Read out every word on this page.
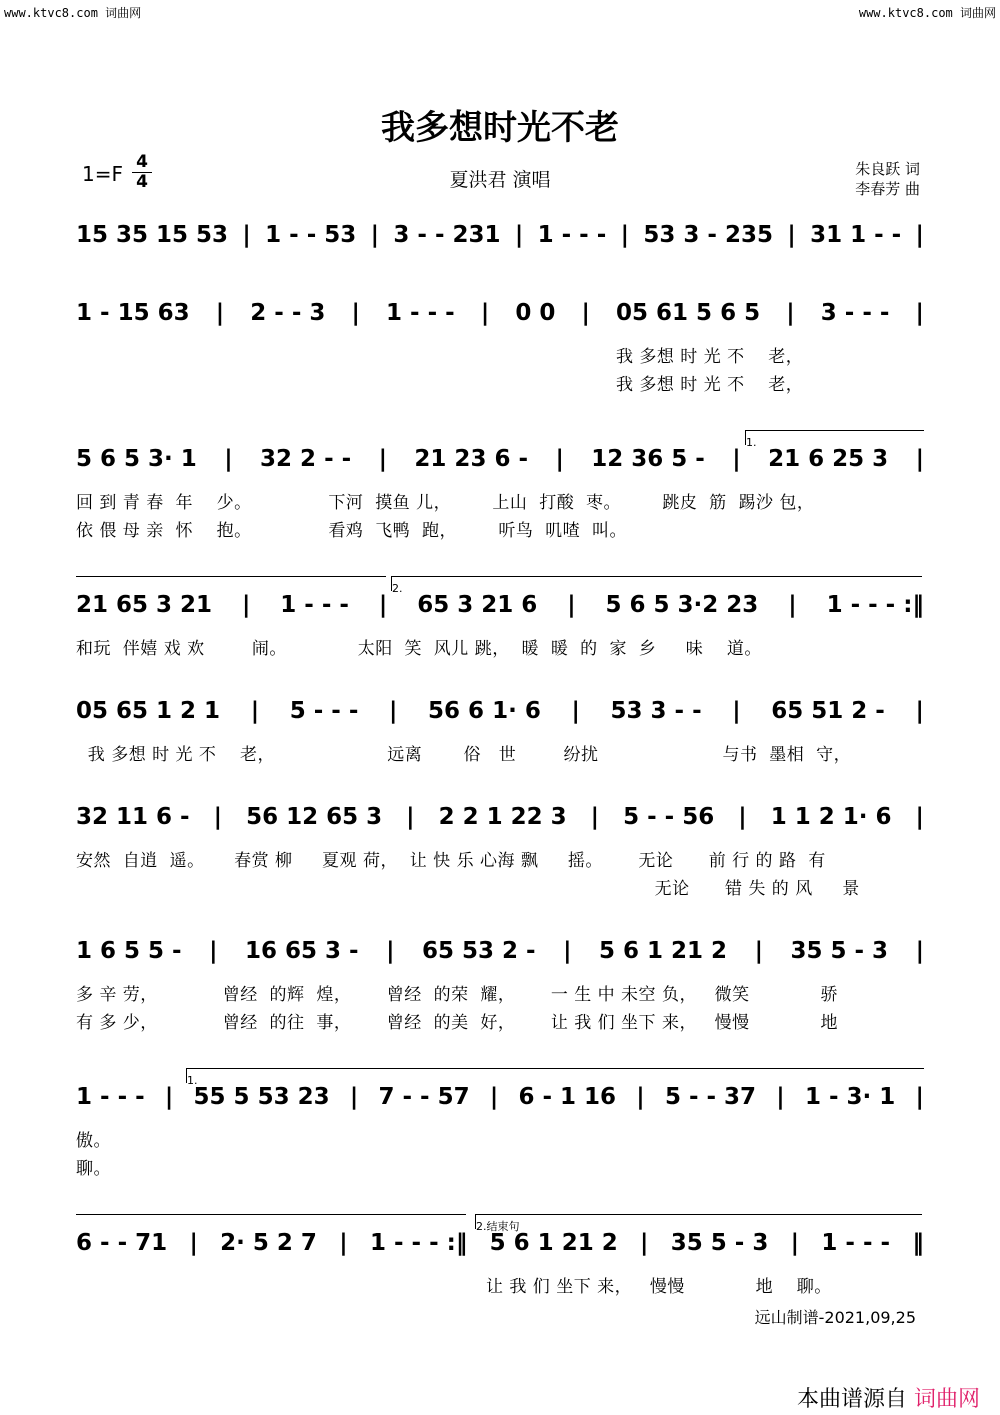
www.ktvc8.com 词曲网	www.ktvc8.com 词曲网
我多想时光不老
1=F 4
4	夏洪君 演唱	朱良跃 词
李春芳 曲
15 35 15 53 | 1 - - 53 | 3 - - 231 | 1 - - - | 53 3 - 235 | 31 1 - - |
1 - 15 63 | 2 - - 3 | 1 - - - | 0 0 | 05 61 5 6 5 | 3 - - - |
我 多想 时 光 不    老，
我 多想 时 光 不    老，
1.
5 6 5 3· 1 | 32 2 - - | 21 23 6 - | 12 36 5 - | 21 6 25 3 |
回 到 青 春  年    少。             下河  摸鱼 儿，       上山  打酸  枣。       跳皮  筋  踢沙 包，
依 偎 母 亲  怀    抱。             看鸡  飞鸭  跑，       听鸟  叽喳  叫。
2.
21 65 3 21 | 1 - - - | 65 3 21 6 | 5 6 5 3·2 23 | 1 - - - :‖
和玩  伴嬉 戏 欢        闹。            太阳  笑  风儿 跳，  暖  暖  的  家  乡     味    道。
05 65 1 2 1 | 5 - - - | 56 6 1· 6 | 53 3 - - | 65 51 2 - |
我 多想 时 光 不    老，                   远离       俗   世        纷扰                     与书  墨相  守，
32 11 6 - | 56 12 65 3 | 2 2 1 22 3 | 5 - - 56 | 1 1 2 1· 6 |
安然  自逍  遥。     春赏 柳     夏观 荷，  让 快 乐 心海 飘     摇。      无论      前 行 的 路  有
无论      错 失 的 风     景
1 6 5 5 - | 16 65 3 - | 65 53 2 - | 5 6 1 21 2 | 35 5 - 3 |
多 辛 劳，           曾经  的辉  煌，      曾经  的荣  耀，      一 生 中 未空 负，   微笑            骄
有 多 少，           曾经  的往  事，      曾经  的美  好，      让 我 们 坐下 来，   慢慢            地
1.
1 - - - | 55 5 53 23 | 7 - - 57 | 6 - 1 16 | 5 - - 37 | 1 - 3· 1 |
傲。
聊。
2.结束句
6 - - 71 | 2· 5 2 7 | 1 - - - :‖ 5 6 1 21 2 | 35 5 - 3 | 1 - - - ‖
让 我 们 坐下 来，   慢慢            地    聊。
远山制谱-2021,09,25
本曲谱源自 词曲网
